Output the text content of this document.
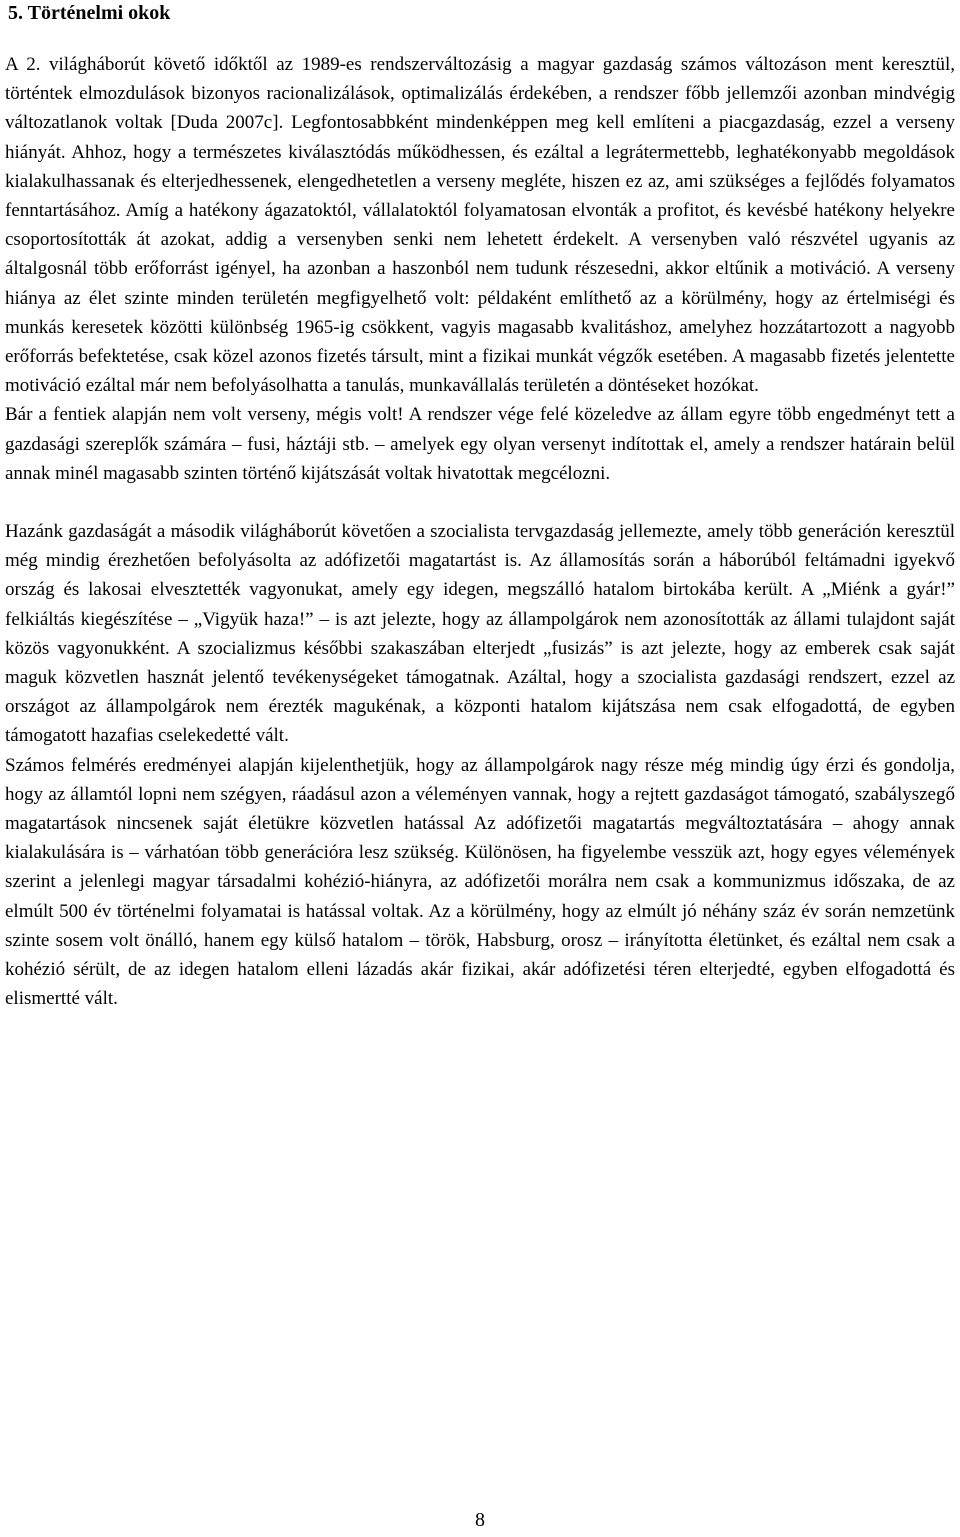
5. Történelmi okok

A 2. világháborút követő időktől az 1989-es rendszerváltozásig a magyar gazdaság számos változáson ment keresztül, történtek elmozdulások bizonyos racionalizálások, optimalizálás érdekében, a rendszer főbb jellemzői azonban mindvégig változatlanok voltak [Duda 2007c]. Legfontosabbként mindenképpen meg kell említeni a piacgazdaság, ezzel a verseny hiányát. Ahhoz, hogy a természetes kiválasztódás működhessen, és ezáltal a legrátermettebb, leghatékonyabb megoldások kialakulhassanak és elterjedhessenek, elengedhetetlen a verseny megléte, hiszen ez az, ami szükséges a fejlődés folyamatos fenntartásához. Amíg a hatékony ágazatoktól, vállalatoktól folyamatosan elvonták a profitot, és kevésbé hatékony helyekre csoportosították át azokat, addig a versenyben senki nem lehetett érdekelt. A versenyben való részvétel ugyanis az általgosnál több erőforrást igényel, ha azonban a haszonból nem tudunk részesedni, akkor eltűnik a motiváció. A verseny hiánya az élet szinte minden területén megfigyelhető volt: példaként említhető az a körülmény, hogy az értelmiségi és munkás keresetek közötti különbség 1965-ig csökkent, vagyis magasabb kvalitáshoz, amelyhez hozzátartozott a nagyobb erőforrás befektetése, csak közel azonos fizetés társult, mint a fizikai munkát végzők esetében. A magasabb fizetés jelentette motiváció ezáltal már nem befolyásolhatta a tanulás, munkavállalás területén a döntéseket hozókat.

Bár a fentiek alapján nem volt verseny, mégis volt! A rendszer vége felé közeledve az állam egyre több engedményt tett a gazdasági szereplők számára – fusi, háztáji stb. – amelyek egy olyan versenyt indítottak el, amely a rendszer határain belül annak minél magasabb szinten történő kijátszását voltak hivatottak megcélozni.

Hazánk gazdaságát a második világháborút követően a szocialista tervgazdaság jellemezte, amely több generáción keresztül még mindig érezhetően befolyásolta az adófizetői magatartást is. Az államosítás során a háborúból feltámadni igyekvő ország és lakosai elvesztették vagyonukat, amely egy idegen, megszálló hatalom birtokába került. A „Miénk a gyár!” felkiáltás kiegészítése – „Vigyük haza!” – is azt jelezte, hogy az állampolgárok nem azonosították az állami tulajdont saját közös vagyonukként. A szocializmus későbbi szakaszában elterjedt „fusizás” is azt jelezte, hogy az emberek csak saját maguk közvetlen hasznát jelentő tevékenységeket támogatnak. Azáltal, hogy a szocialista gazdasági rendszert, ezzel az országot az állampolgárok nem érezték magukénak, a központi hatalom kijátszása nem csak elfogadottá, de egyben támogatott hazafias cselekedetté vált.

Számos felmérés eredményei alapján kijelenthetjük, hogy az állampolgárok nagy része még mindig úgy érzi és gondolja, hogy az államtól lopni nem szégyen, ráadásul azon a véleményen vannak, hogy a rejtett gazdaságot támogató, szabályszegő magatartások nincsenek saját életükre közvetlen hatással Az adófizetői magatartás megváltoztatására – ahogy annak kialakulására is – várhatóan több generációra lesz szükség. Különösen, ha figyelembe vesszük azt, hogy egyes vélemények szerint a jelenlegi magyar társadalmi kohézió-hiányra, az adófizetői morálra nem csak a kommunizmus időszaka, de az elmúlt 500 év történelmi folyamatai is hatással voltak. Az a körülmény, hogy az elmúlt jó néhány száz év során nemzetünk szinte sosem volt önálló, hanem egy külső hatalom – török, Habsburg, orosz – irányította életünket, és ezáltal nem csak a kohézió sérült, de az idegen hatalom elleni lázadás akár fizikai, akár adófizetési téren elterjedté, egyben elfogadottá és elismertté vált.

8
